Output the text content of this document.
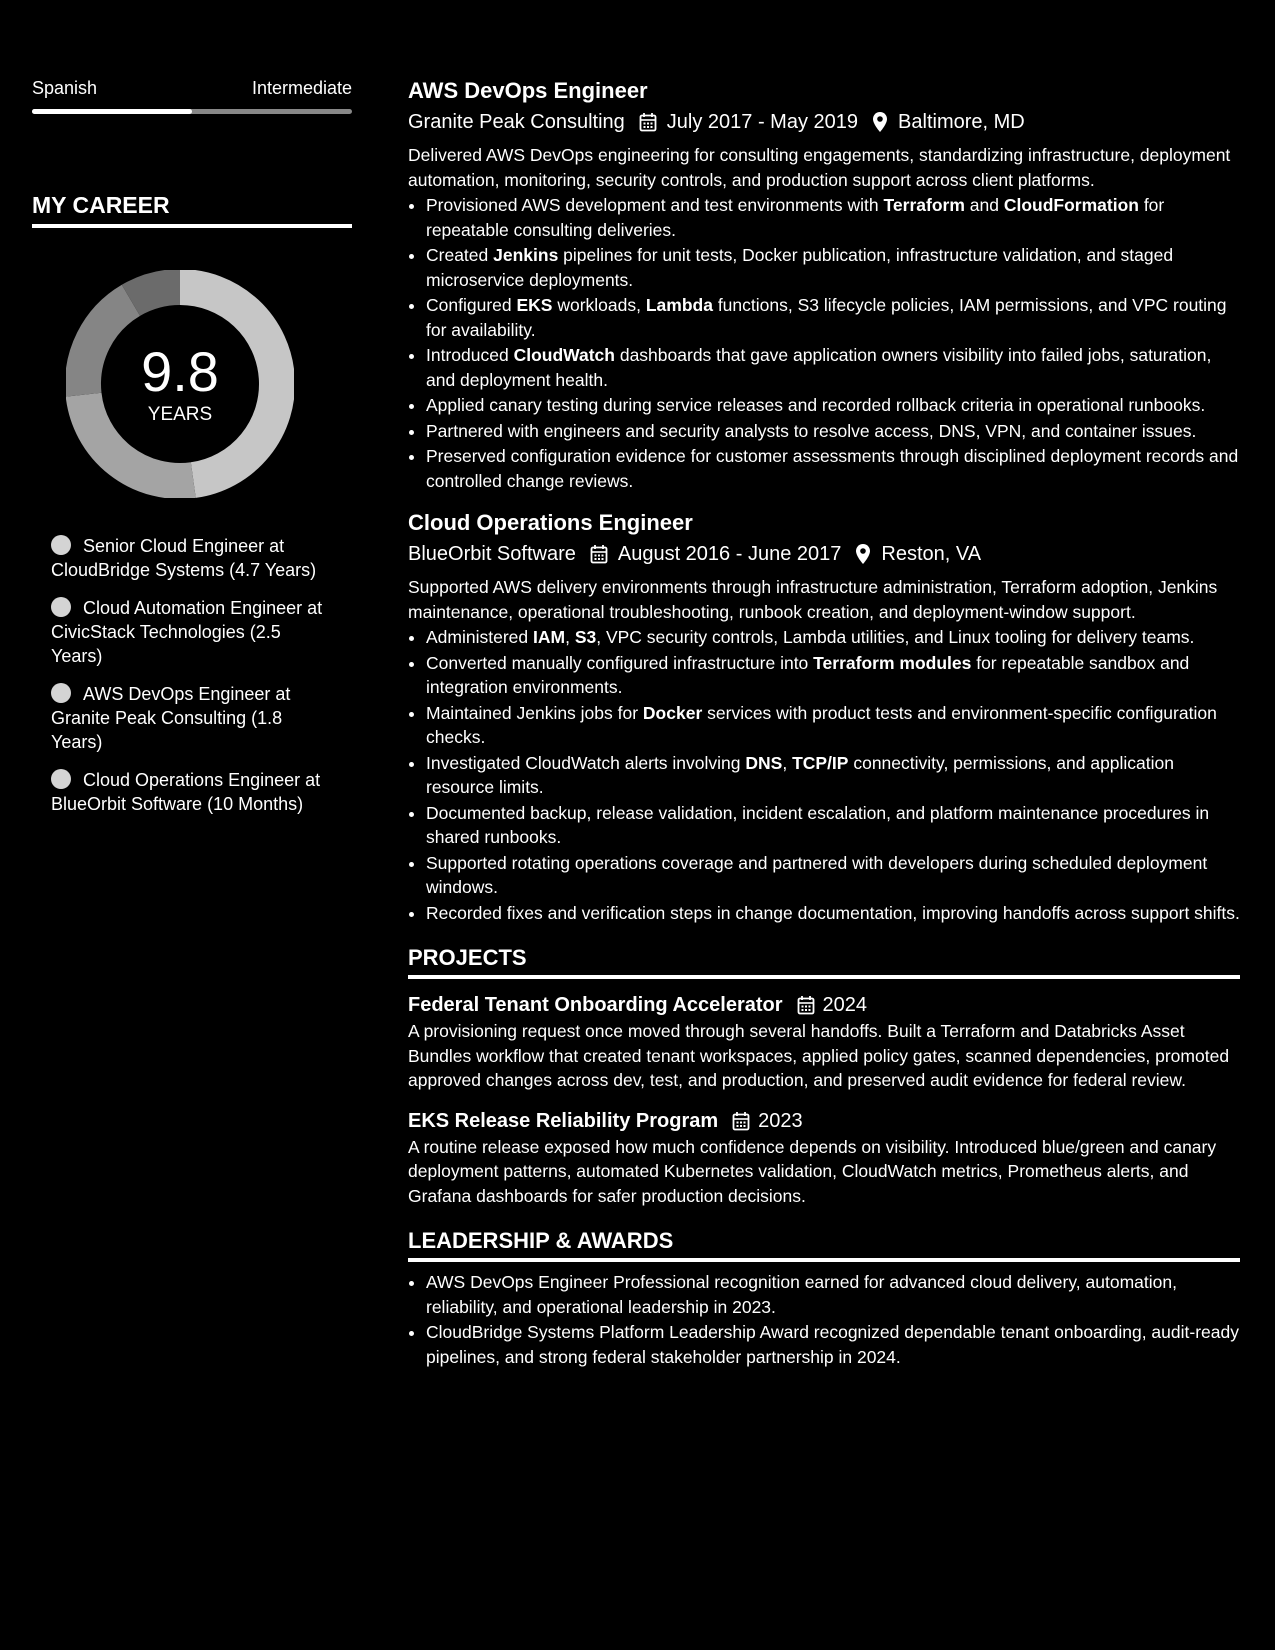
Spanish	Intermediate
MY CAREER
9.8
YEARS
Senior Cloud Engineer at CloudBridge Systems (4.7 Years)
Cloud Automation Engineer at CivicStack Technologies (2.5 Years)
AWS DevOps Engineer at Granite Peak Consulting (1.8 Years)
Cloud Operations Engineer at BlueOrbit Software (10 Months)
AWS DevOps Engineer
Granite Peak Consulting July 2017 - May 2019 Baltimore, MD
Delivered AWS DevOps engineering for consulting engagements, standardizing infrastructure, deployment automation, monitoring, security controls, and production support across client platforms.
• Provisioned AWS development and test environments with Terraform and CloudFormation for repeatable consulting deliveries.
• Created Jenkins pipelines for unit tests, Docker publication, infrastructure validation, and staged microservice deployments.
• Configured EKS workloads, Lambda functions, S3 lifecycle policies, IAM permissions, and VPC routing for availability.
• Introduced CloudWatch dashboards that gave application owners visibility into failed jobs, saturation, and deployment health.
• Applied canary testing during service releases and recorded rollback criteria in operational runbooks.
• Partnered with engineers and security analysts to resolve access, DNS, VPN, and container issues.
• Preserved configuration evidence for customer assessments through disciplined deployment records and controlled change reviews.
Cloud Operations Engineer
BlueOrbit Software August 2016 - June 2017 Reston, VA
Supported AWS delivery environments through infrastructure administration, Terraform adoption, Jenkins maintenance, operational troubleshooting, runbook creation, and deployment-window support.
• Administered IAM, S3, VPC security controls, Lambda utilities, and Linux tooling for delivery teams.
• Converted manually configured infrastructure into Terraform modules for repeatable sandbox and integration environments.
• Maintained Jenkins jobs for Docker services with product tests and environment-specific configuration checks.
• Investigated CloudWatch alerts involving DNS, TCP/IP connectivity, permissions, and application resource limits.
• Documented backup, release validation, incident escalation, and platform maintenance procedures in shared runbooks.
• Supported rotating operations coverage and partnered with developers during scheduled deployment windows.
• Recorded fixes and verification steps in change documentation, improving handoffs across support shifts.
PROJECTS
Federal Tenant Onboarding Accelerator 2024
A provisioning request once moved through several handoffs. Built a Terraform and Databricks Asset Bundles workflow that created tenant workspaces, applied policy gates, scanned dependencies, promoted approved changes across dev, test, and production, and preserved audit evidence for federal review.
EKS Release Reliability Program 2023
A routine release exposed how much confidence depends on visibility. Introduced blue/green and canary deployment patterns, automated Kubernetes validation, CloudWatch metrics, Prometheus alerts, and Grafana dashboards for safer production decisions.
LEADERSHIP & AWARDS
• AWS DevOps Engineer Professional recognition earned for advanced cloud delivery, automation, reliability, and operational leadership in 2023.
• CloudBridge Systems Platform Leadership Award recognized dependable tenant onboarding, audit-ready pipelines, and strong federal stakeholder partnership in 2024.
